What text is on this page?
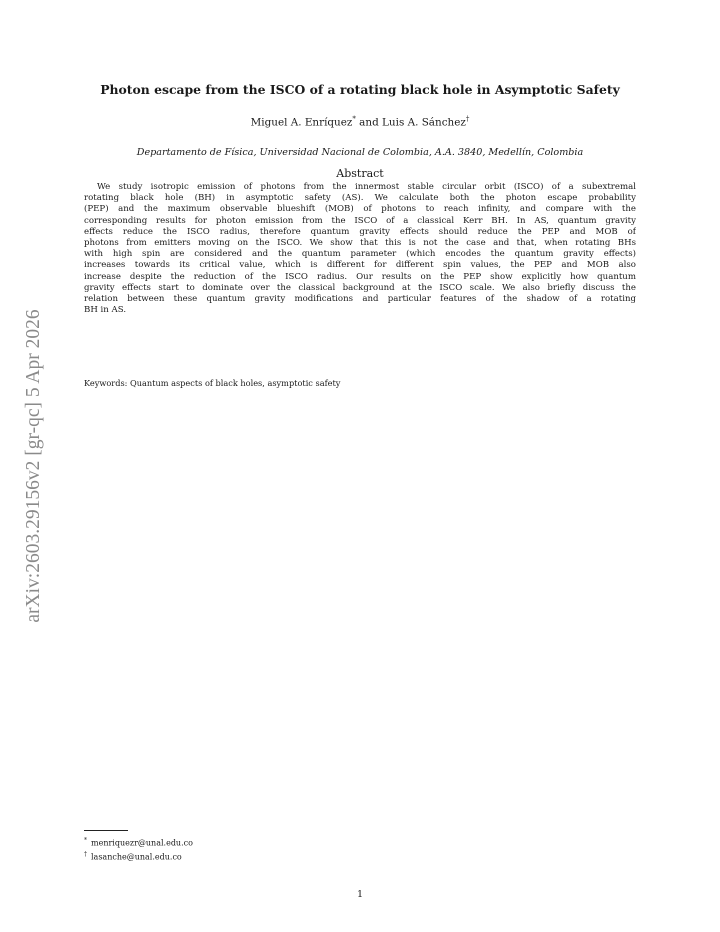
arXiv:2603.29156v2 [gr-qc] 5 Apr 2026
Photon escape from the ISCO of a rotating black hole in Asymptotic Safety
Miguel A. Enríquez* and Luis A. Sánchez†
Departamento de Física, Universidad Nacional de Colombia, A.A. 3840, Medellín, Colombia
Abstract
We study isotropic emission of photons from the innermost stable circular orbit (ISCO) of a subextremal
rotating black hole (BH) in asymptotic safety (AS). We calculate both the photon escape probability
(PEP) and the maximum observable blueshift (MOB) of photons to reach infinity, and compare with the
corresponding results for photon emission from the ISCO of a classical Kerr BH. In AS, quantum gravity
effects reduce the ISCO radius, therefore quantum gravity effects should reduce the PEP and MOB of
photons from emitters moving on the ISCO. We show that this is not the case and that, when rotating BHs
with high spin are considered and the quantum parameter (which encodes the quantum gravity effects)
increases towards its critical value, which is different for different spin values, the PEP and MOB also
increase despite the reduction of the ISCO radius. Our results on the PEP show explicitly how quantum
gravity effects start to dominate over the classical background at the ISCO scale. We also briefly discuss the
relation between these quantum gravity modifications and particular features of the shadow of a rotating
BH in AS.
Keywords: Quantum aspects of black holes, asymptotic safety
* menriquezr@unal.edu.co
† lasanche@unal.edu.co
1
